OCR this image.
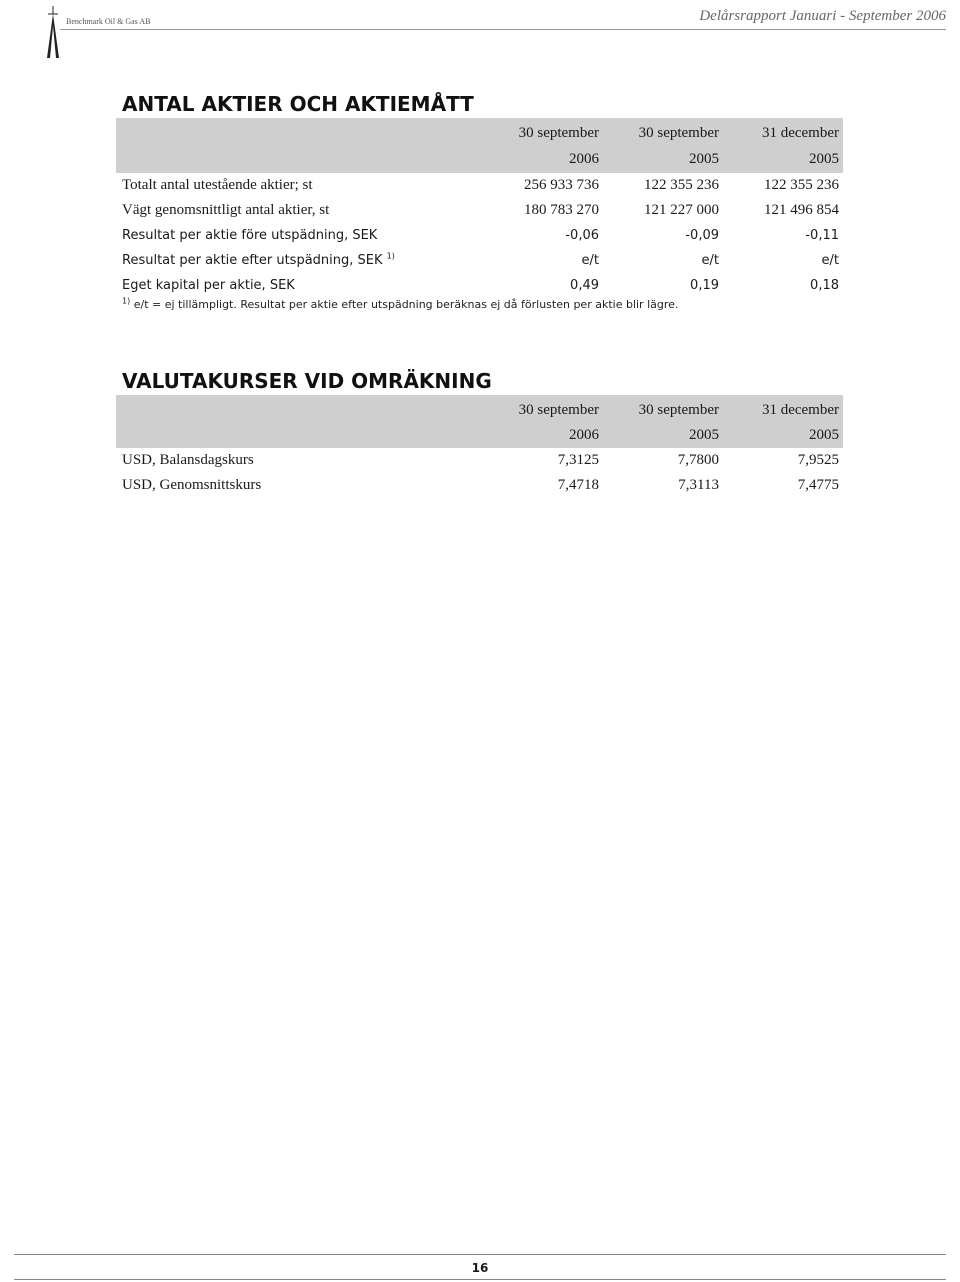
Benchmark Oil & Gas AB	Delårsrapport Januari - September 2006
ANTAL AKTIER OCH AKTIEMÅTT
	30 september	30 september	31 december
	2006	2005	2005
Totalt antal utestående aktier; st	256 933 736	122 355 236	122 355 236
Vägt genomsnittligt antal aktier, st	180 783 270	121 227 000	121 496 854
Resultat per aktie före utspädning, SEK	-0,06	-0,09	-0,11
Resultat per aktie efter utspädning, SEK $^{1)}$	e/t	e/t	e/t
Eget kapital per aktie, SEK	0,49	0,19	0,18
$^{1)}$ e/t = ej tillämpligt. Resultat per aktie efter utspädning beräknas ej då förlusten per aktie blir lägre.
VALUTAKURSER VID OMRÄKNING
	30 september	30 september	31 december
	2006	2005	2005
USD, Balansdagskurs	7,3125	7,7800	7,9525
USD, Genomsnittskurs	7,4718	7,3113	7,4775
16
